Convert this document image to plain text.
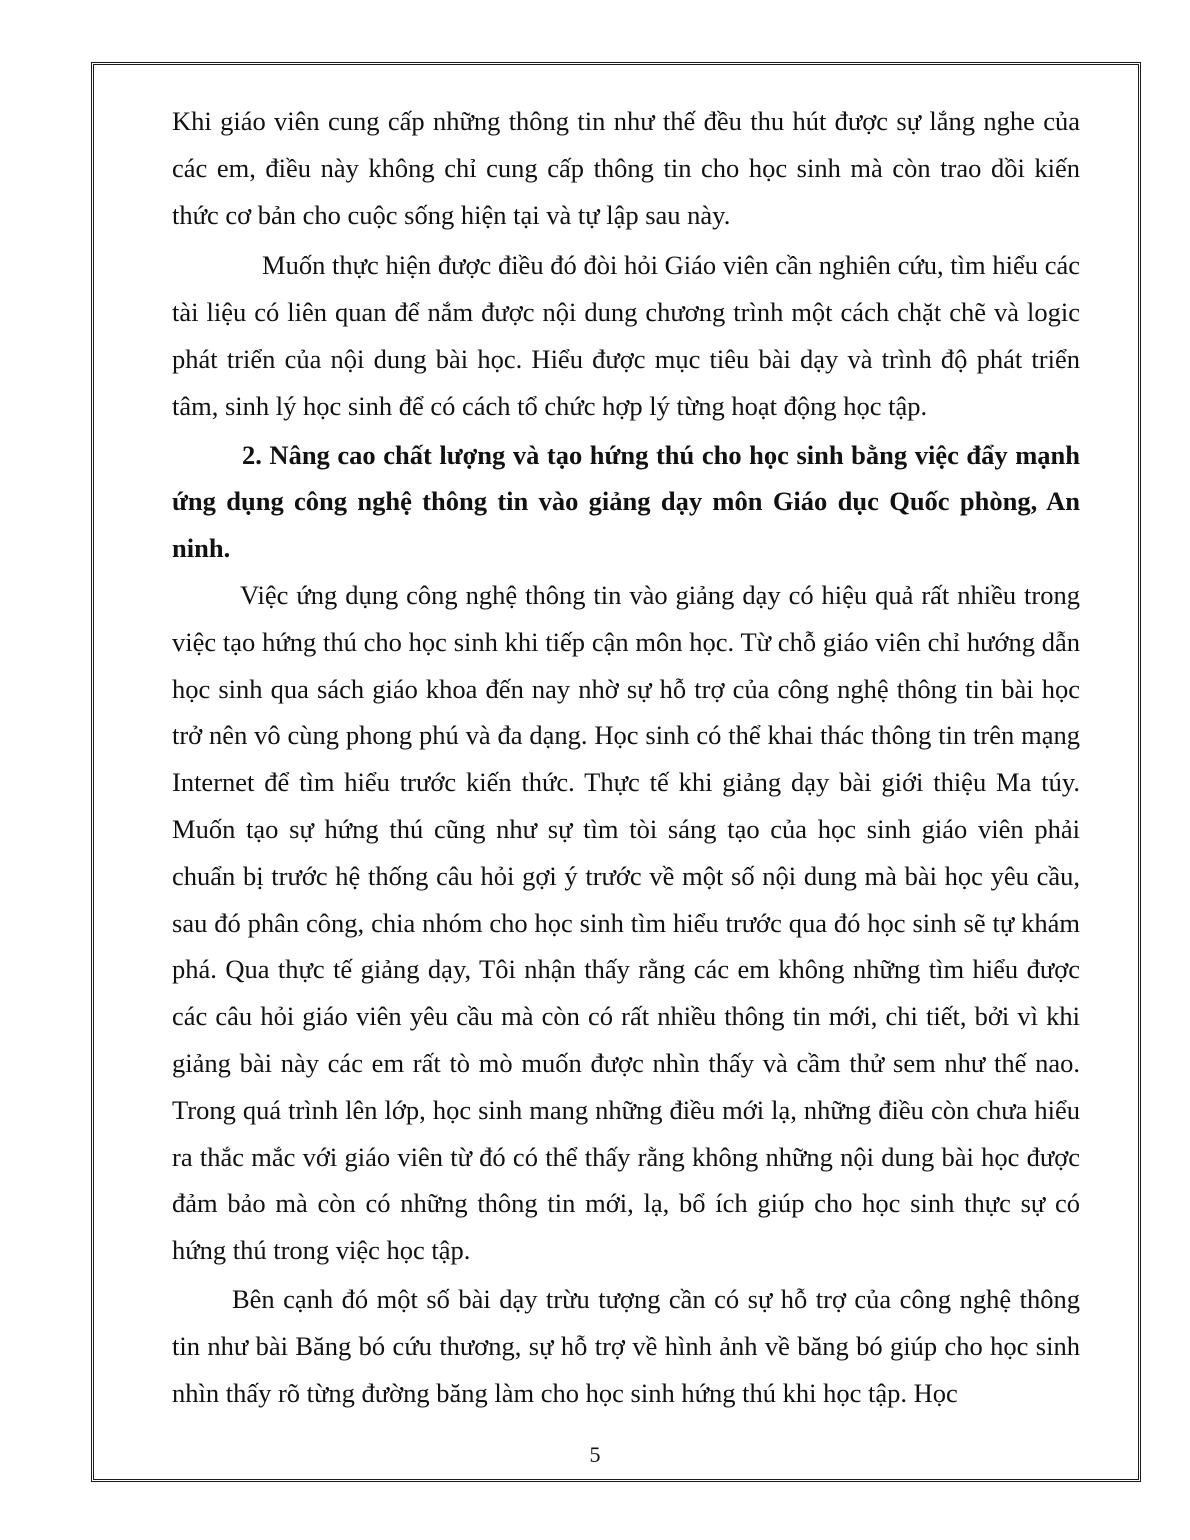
Khi giáo viên cung cấp những thông tin như thế đều thu hút được sự lắng nghe của các em, điều này không chỉ cung cấp thông tin cho học sinh mà còn trao dồi kiến thức cơ bản cho cuộc sống hiện tại và tự lập sau này.

Muốn thực hiện được điều đó đòi hỏi Giáo viên cần nghiên cứu, tìm hiểu các tài liệu có liên quan để nắm được nội dung chương trình một cách chặt chẽ và logic phát triển của nội dung bài học. Hiểu được mục tiêu bài dạy và trình độ phát triển tâm, sinh lý học sinh để có cách tổ chức hợp lý từng hoạt động học tập.

2. Nâng cao chất lượng và tạo hứng thú cho học sinh bằng việc đẩy mạnh ứng dụng công nghệ thông tin vào giảng dạy môn Giáo dục Quốc phòng, An ninh.

Việc ứng dụng công nghệ thông tin vào giảng dạy có hiệu quả rất nhiều trong việc tạo hứng thú cho học sinh khi tiếp cận môn học. Từ chỗ giáo viên chỉ hướng dẫn học sinh qua sách giáo khoa đến nay nhờ sự hỗ trợ của công nghệ thông tin bài học trở nên vô cùng phong phú và đa dạng. Học sinh có thể khai thác thông tin trên mạng Internet để tìm hiểu trước kiến thức. Thực tế khi giảng dạy bài giới thiệu Ma túy. Muốn tạo sự hứng thú cũng như sự tìm tòi sáng tạo của học sinh giáo viên phải chuẩn bị trước hệ thống câu hỏi gợi ý trước về một số nội dung mà bài học yêu cầu, sau đó phân công, chia nhóm cho học sinh tìm hiểu trước qua đó học sinh sẽ tự khám phá. Qua thực tế giảng dạy, Tôi nhận thấy rằng các em không những tìm hiểu được các câu hỏi giáo viên yêu cầu mà còn có rất nhiều thông tin mới, chi tiết, bởi vì khi giảng bài này các em rất tò mò muốn được nhìn thấy và cầm thử sem như thế nao. Trong quá trình lên lớp, học sinh mang những điều mới lạ, những điều còn chưa hiểu ra thắc mắc với giáo viên từ đó có thể thấy rằng không những nội dung bài học được đảm bảo mà còn có những thông tin mới, lạ, bổ ích giúp cho học sinh thực sự có hứng thú trong việc học tập.

Bên cạnh đó một số bài dạy trừu tượng cần có sự hỗ trợ của công nghệ thông tin như bài Băng bó cứu thương, sự hỗ trợ về hình ảnh về băng bó giúp cho học sinh nhìn thấy rõ từng đường băng làm cho học sinh hứng thú khi học tập. Học

5
